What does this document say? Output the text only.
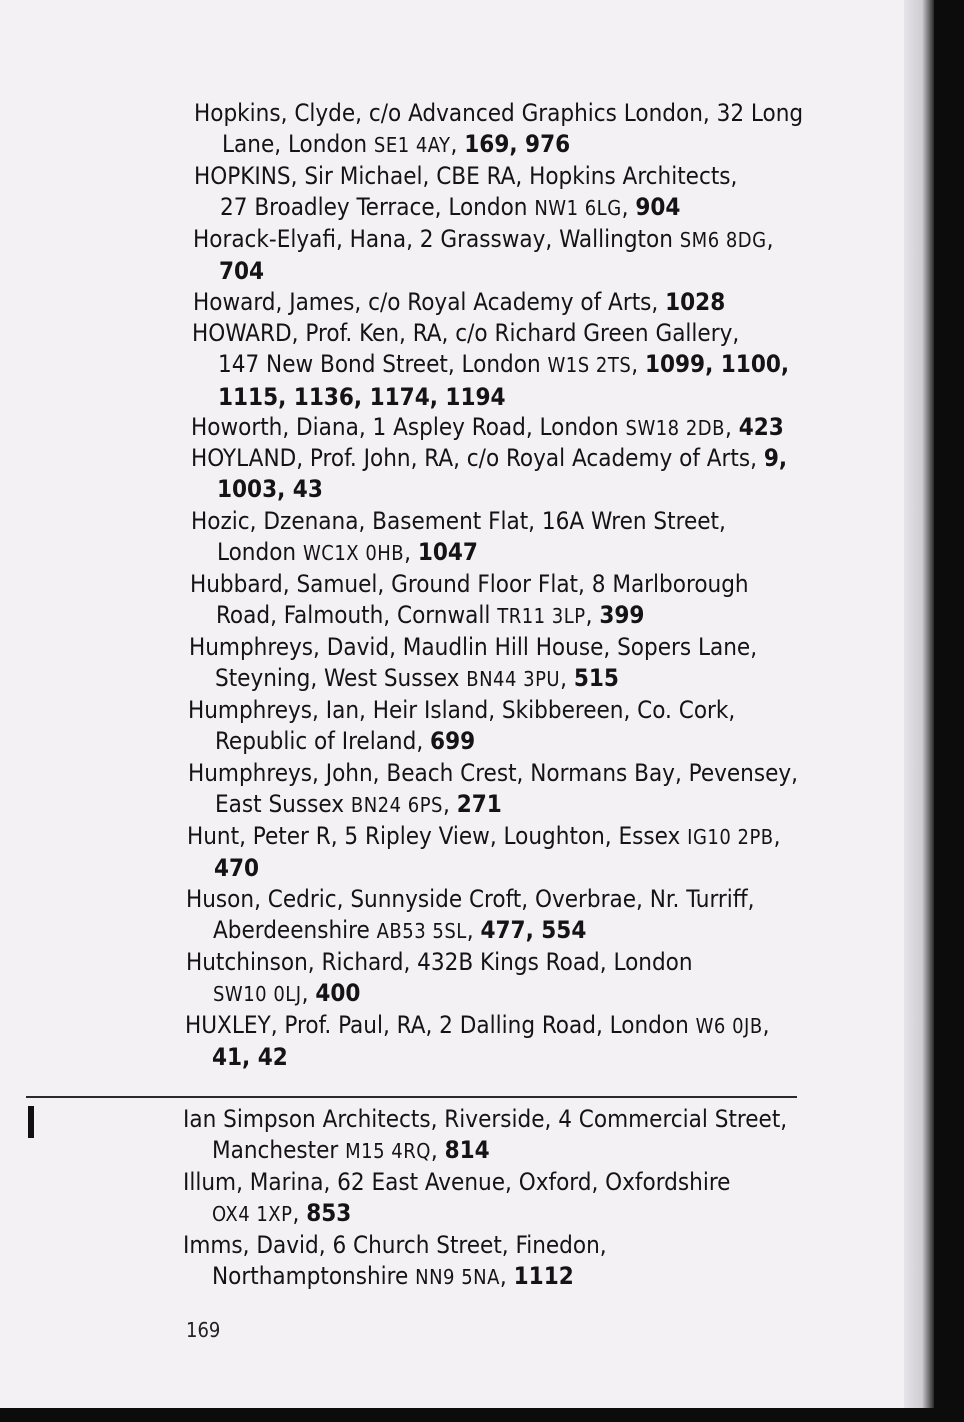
Hopkins, Clyde, c/o Advanced Graphics London, 32 Long
Lane, London SE1 4AY, 169, 976
HOPKINS, Sir Michael, CBE RA, Hopkins Architects,
27 Broadley Terrace, London NW1 6LG, 904
Horack-Elyafi, Hana, 2 Grassway, Wallington SM6 8DG,
704
Howard, James, c/o Royal Academy of Arts, 1028
HOWARD, Prof. Ken, RA, c/o Richard Green Gallery,
147 New Bond Street, London W1S 2TS, 1099, 1100,
1115, 1136, 1174, 1194
Howorth, Diana, 1 Aspley Road, London SW18 2DB, 423
HOYLAND, Prof. John, RA, c/o Royal Academy of Arts, 9,
1003, 43
Hozic, Dzenana, Basement Flat, 16A Wren Street,
London WC1X 0HB, 1047
Hubbard, Samuel, Ground Floor Flat, 8 Marlborough
Road, Falmouth, Cornwall TR11 3LP, 399
Humphreys, David, Maudlin Hill House, Sopers Lane,
Steyning, West Sussex BN44 3PU, 515
Humphreys, Ian, Heir Island, Skibbereen, Co. Cork,
Republic of Ireland, 699
Humphreys, John, Beach Crest, Normans Bay, Pevensey,
East Sussex BN24 6PS, 271
Hunt, Peter R, 5 Ripley View, Loughton, Essex IG10 2PB,
470
Huson, Cedric, Sunnyside Croft, Overbrae, Nr. Turriff,
Aberdeenshire AB53 5SL, 477, 554
Hutchinson, Richard, 432B Kings Road, London
SW10 0LJ, 400
HUXLEY, Prof. Paul, RA, 2 Dalling Road, London W6 0JB,
41, 42
Ian Simpson Architects, Riverside, 4 Commercial Street,
Manchester M15 4RQ, 814
Illum, Marina, 62 East Avenue, Oxford, Oxfordshire
OX4 1XP, 853
Imms, David, 6 Church Street, Finedon,
Northamptonshire NN9 5NA, 1112
169
